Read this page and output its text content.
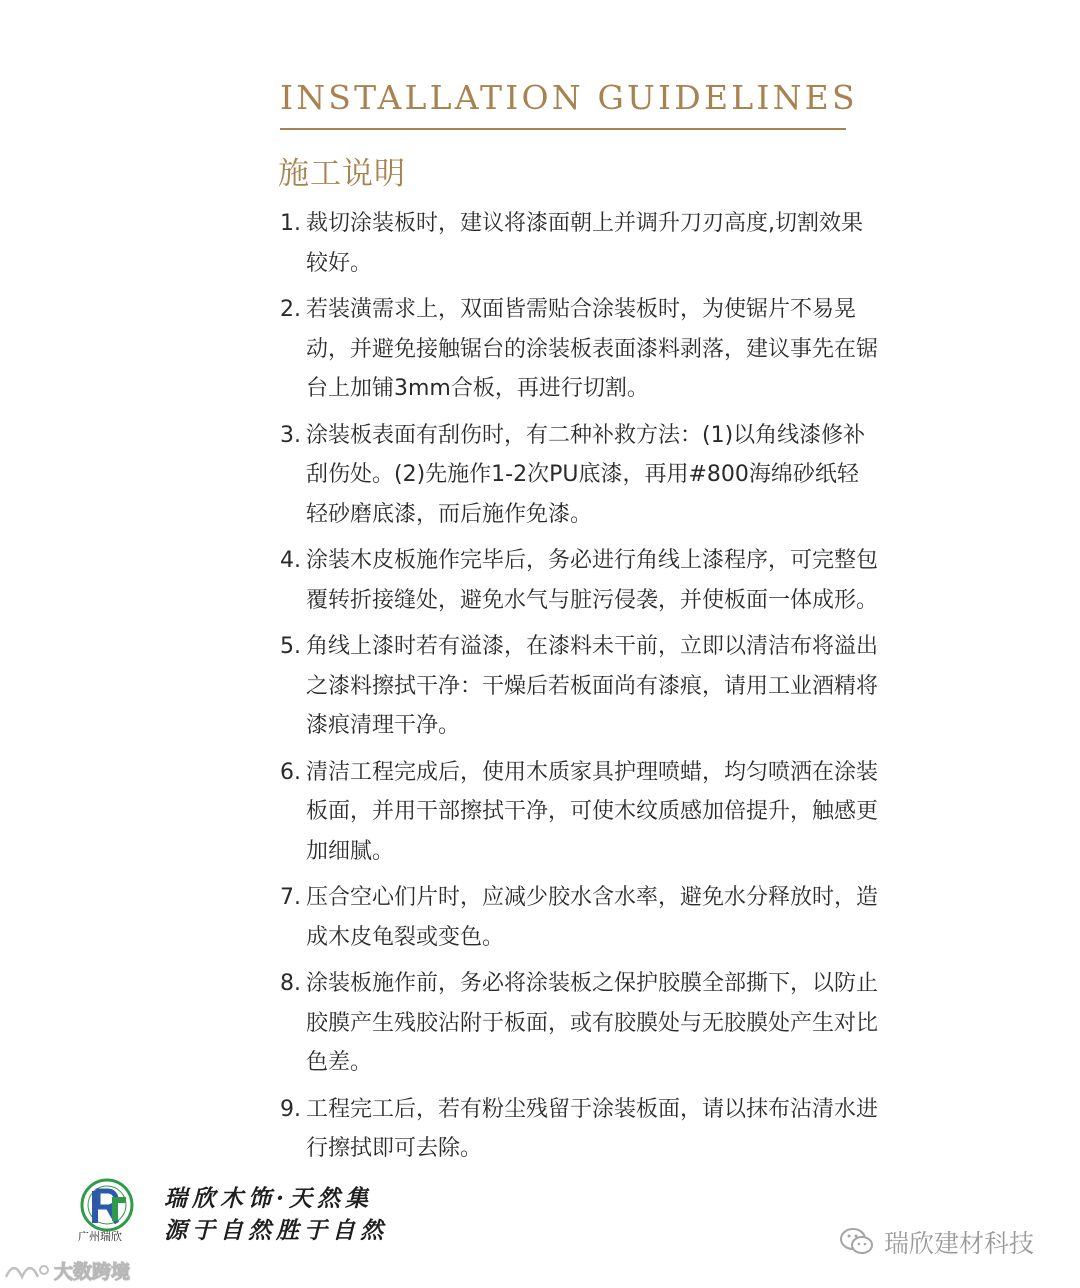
INSTALLATION GUIDELINES
施工说明
1. 裁切涂装板时，建议将漆面朝上并调升刀刃高度,切割效果较好。
2. 若装潢需求上，双面皆需贴合涂装板时，为使锯片不易晃动，并避免接触锯台的涂装板表面漆料剥落，建议事先在锯台上加铺3mm合板，再进行切割。
3. 涂装板表面有刮伤时，有二种补救方法：(1)以角线漆修补刮伤处。(2)先施作1-2次PU底漆，再用#800海绵砂纸轻轻砂磨底漆，而后施作免漆。
4. 涂装木皮板施作完毕后，务必进行角线上漆程序，可完整包覆转折接缝处，避免水气与脏污侵袭，并使板面一体成形。
5. 角线上漆时若有溢漆，在漆料未干前，立即以清洁布将溢出之漆料擦拭干净：干燥后若板面尚有漆痕，请用工业酒精将漆痕清理干净。
6. 清洁工程完成后，使用木质家具护理喷蜡，均匀喷洒在涂装板面，并用干部擦拭干净，可使木纹质感加倍提升，触感更加细腻。
7. 压合空心们片时，应减少胶水含水率，避免水分释放时，造成木皮龟裂或变色。
8. 涂装板施作前，务必将涂装板之保护胶膜全部撕下，以防止胶膜产生残胶沾附于板面，或有胶膜处与无胶膜处产生对比色差。
9. 工程完工后，若有粉尘残留于涂装板面，请以抹布沾清水进行擦拭即可去除。
广州瑞欣
瑞欣木饰·天然集
源于自然胜于自然	瑞欣建材科技
大数跨境
